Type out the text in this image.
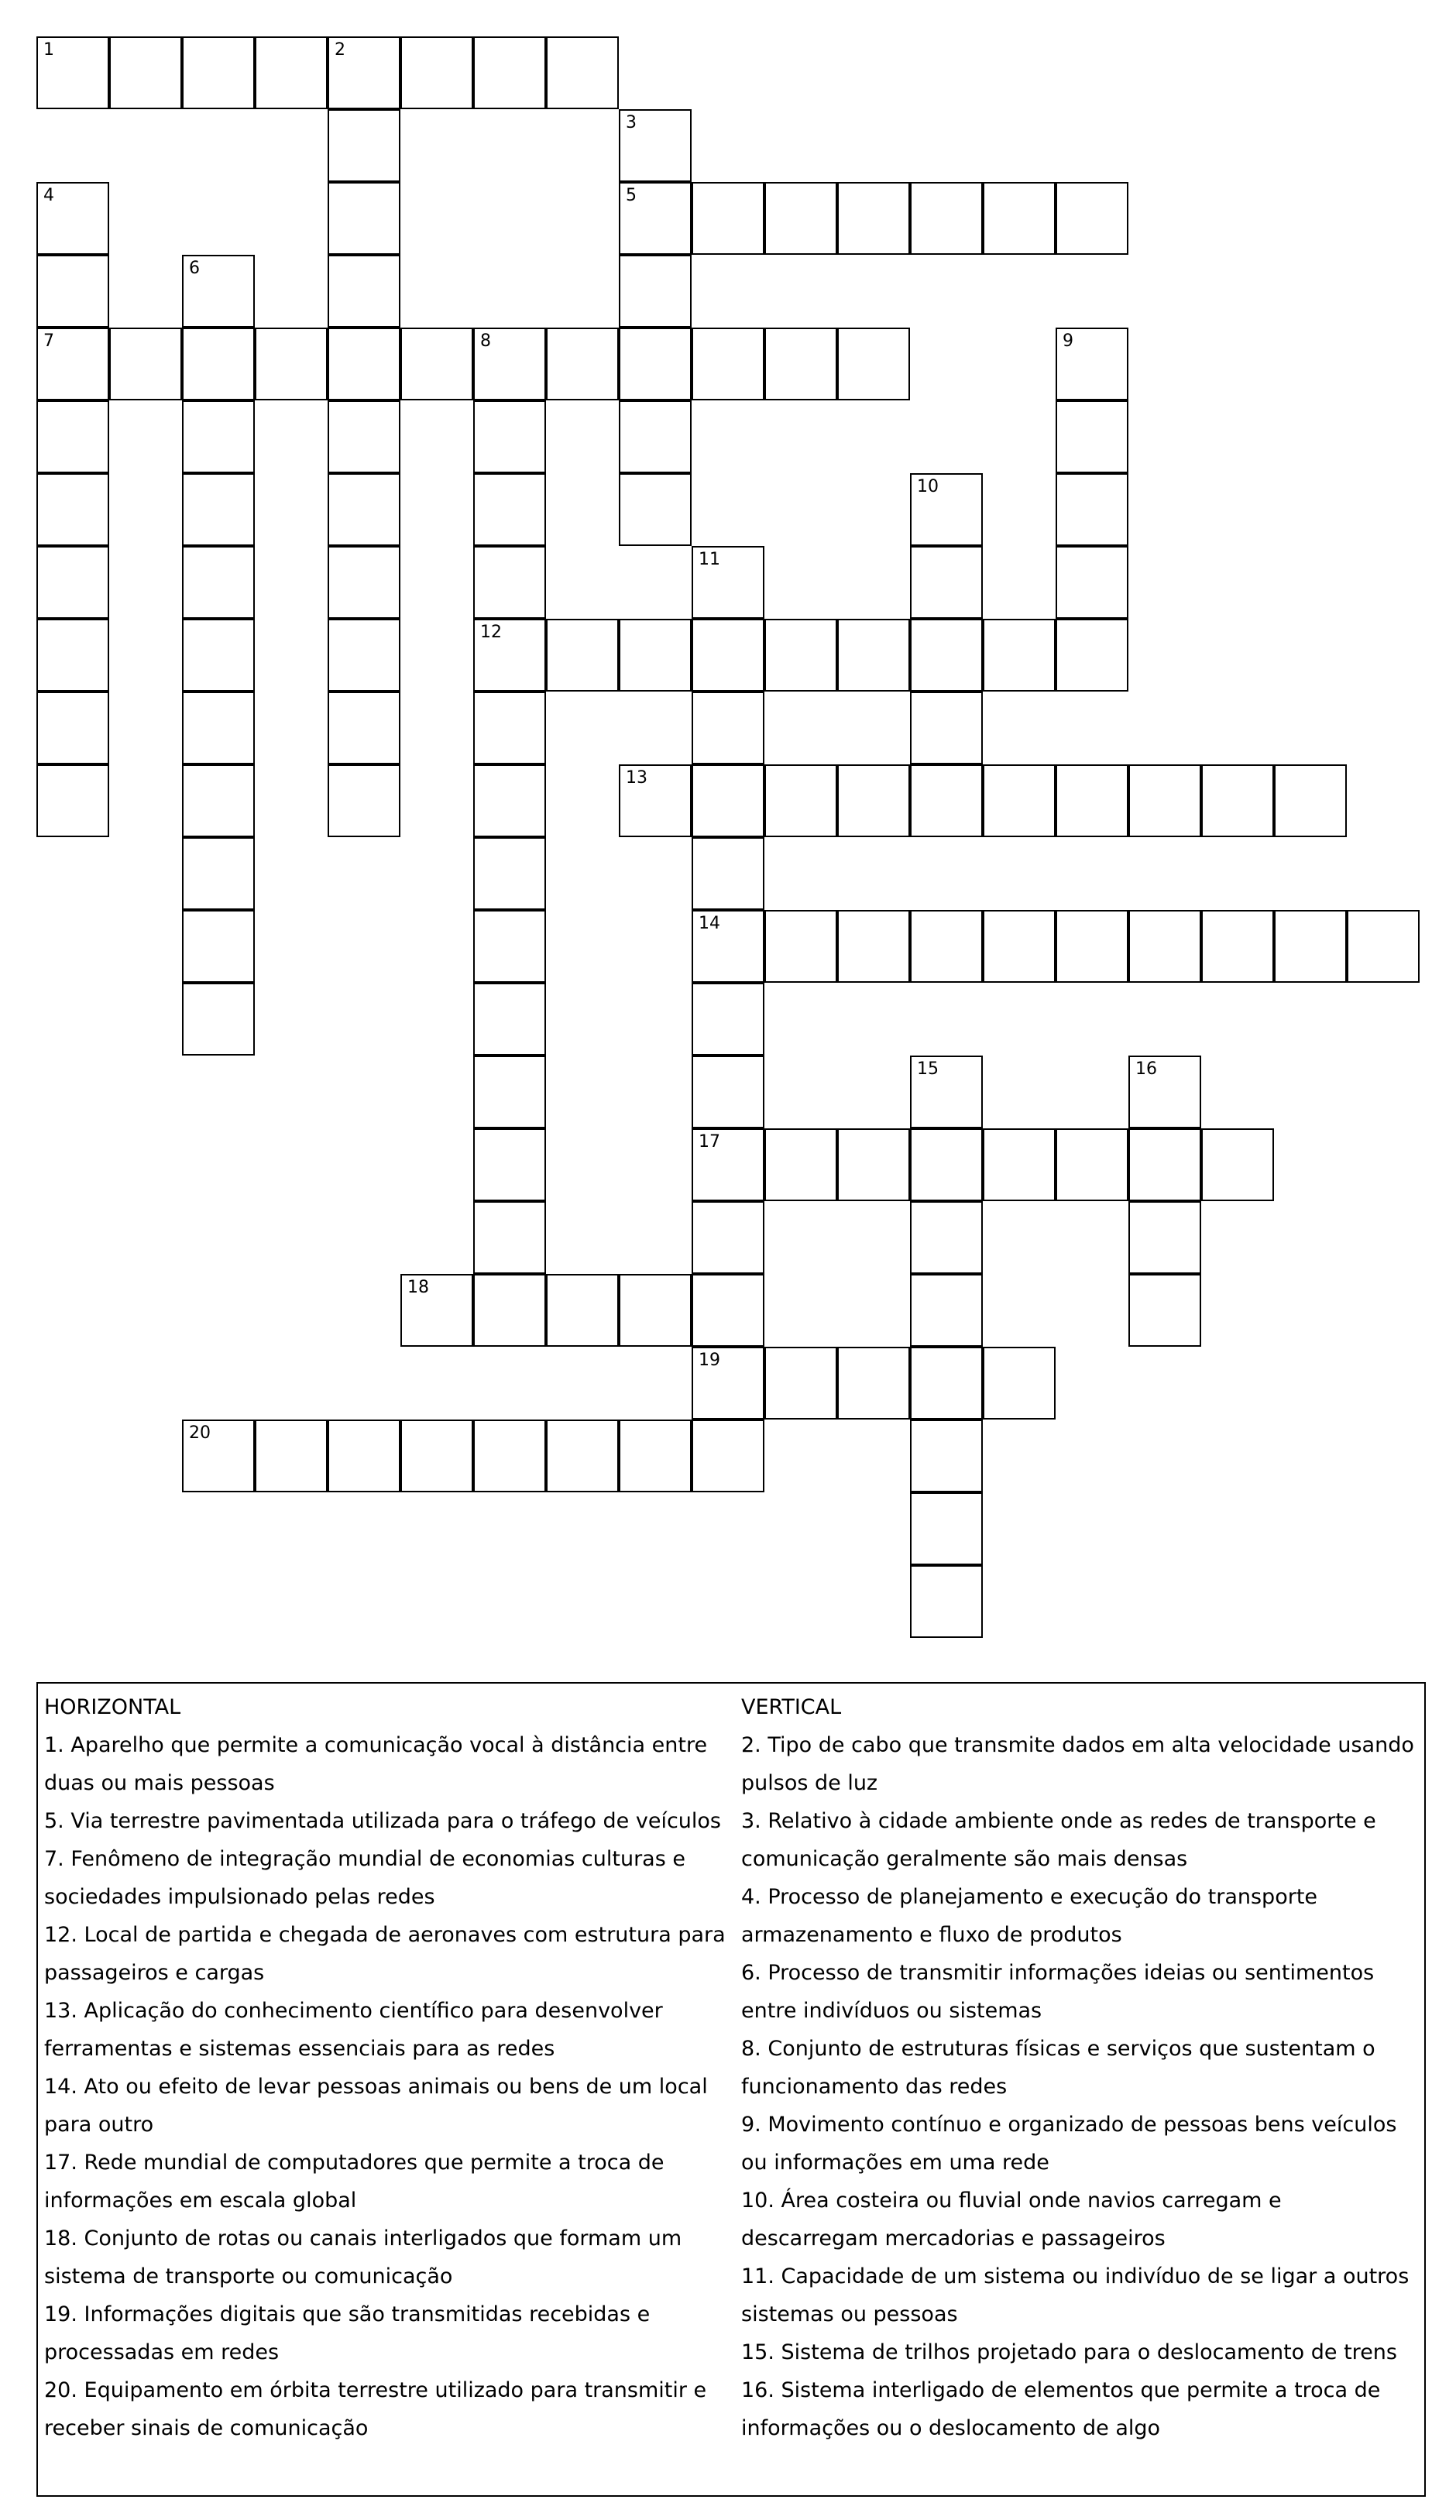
1	2
3
4	5
6
7	8	9
10
11
12
13
14
15	16
17
18
19
20
HORIZONTAL
1. Aparelho que permite a comunicação vocal à distância entre duas ou mais pessoas
5. Via terrestre pavimentada utilizada para o tráfego de veículos
7. Fenômeno de integração mundial de economias culturas e sociedades impulsionado pelas redes
12. Local de partida e chegada de aeronaves com estrutura para passageiros e cargas
13. Aplicação do conhecimento científico para desenvolver ferramentas e sistemas essenciais para as redes
14. Ato ou efeito de levar pessoas animais ou bens de um local para outro
17. Rede mundial de computadores que permite a troca de informações em escala global
18. Conjunto de rotas ou canais interligados que formam um sistema de transporte ou comunicação
19. Informações digitais que são transmitidas recebidas e processadas em redes
20. Equipamento em órbita terrestre utilizado para transmitir e receber sinais de comunicação
VERTICAL
2. Tipo de cabo que transmite dados em alta velocidade usando pulsos de luz
3. Relativo à cidade ambiente onde as redes de transporte e comunicação geralmente são mais densas
4. Processo de planejamento e execução do transporte armazenamento e fluxo de produtos
6. Processo de transmitir informações ideias ou sentimentos entre indivíduos ou sistemas
8. Conjunto de estruturas físicas e serviços que sustentam o funcionamento das redes
9. Movimento contínuo e organizado de pessoas bens veículos ou informações em uma rede
10. Área costeira ou fluvial onde navios carregam e descarregam mercadorias e passageiros
11. Capacidade de um sistema ou indivíduo de se ligar a outros sistemas ou pessoas
15. Sistema de trilhos projetado para o deslocamento de trens
16. Sistema interligado de elementos que permite a troca de informações ou o deslocamento de algo
